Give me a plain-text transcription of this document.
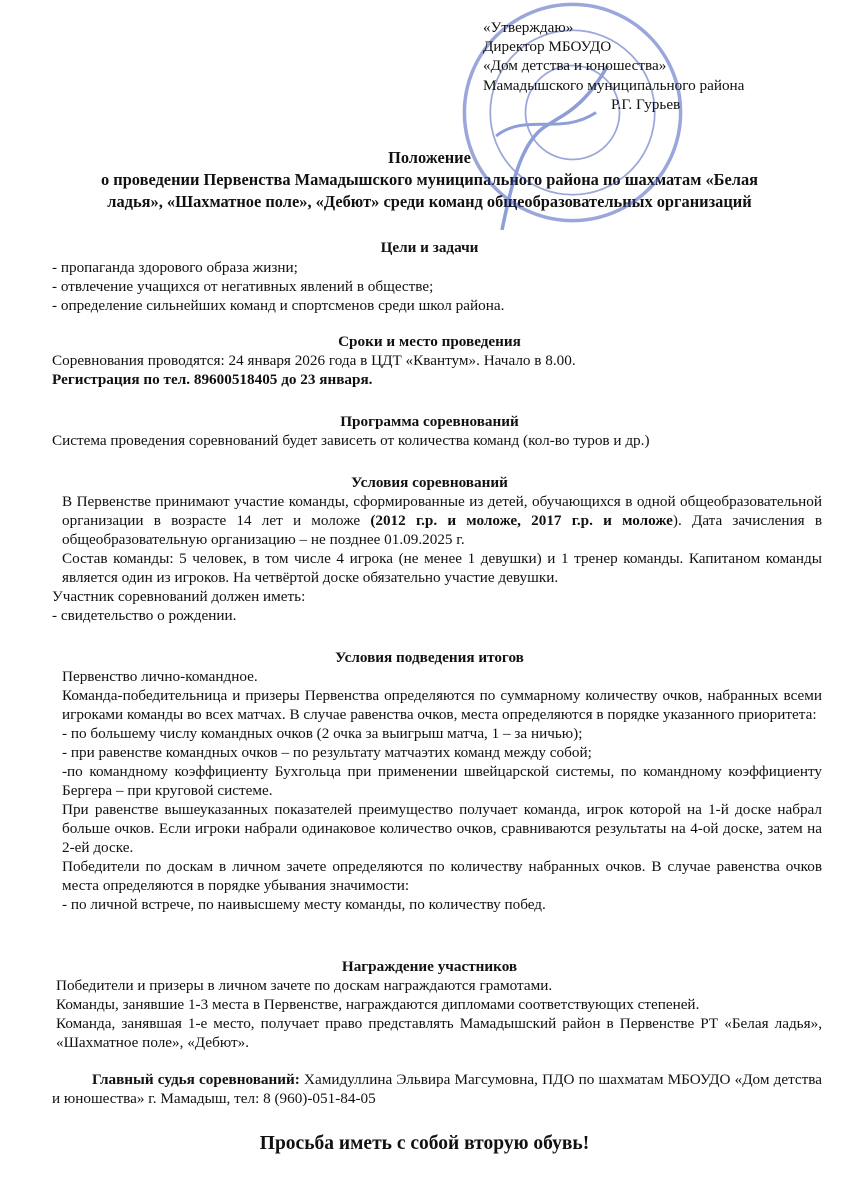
«Утверждаю»
Директор МБОУДО
«Дом детства и юношества»
Мамадышского муниципального района
Р.Г. Гурьев
Положение
о проведении Первенства Мамадышского муниципального района по шахматам «Белая
ладья», «Шахматное поле», «Дебют» среди команд общеобразовательных организаций
Цели и задачи
- пропаганда здорового образа жизни;
- отвлечение учащихся от негативных явлений в обществе;
- определение сильнейших команд и спортсменов среди школ района.
Сроки и место проведения
Соревнования проводятся: 24 января 2026 года в ЦДТ «Квантум». Начало в 8.00.
Регистрация по тел. 89600518405 до 23 января.
Программа соревнований
Система проведения соревнований будет зависеть от количества команд (кол-во туров и др.)
Условия соревнований
В Первенстве принимают участие команды, сформированные из детей, обучающихся в одной общеобразовательной организации в возрасте 14 лет и моложе (2012 г.р. и моложе, 2017 г.р. и моложе). Дата зачисления в общеобразовательную организацию – не позднее 01.09.2025 г.
Состав команды: 5 человек, в том числе 4 игрока (не менее 1 девушки) и 1 тренер команды. Капитаном команды является один из игроков. На четвёртой доске обязательно участие девушки.
Участник соревнований должен иметь:
- свидетельство о рождении.
Условия подведения итогов
Первенство лично-командное.
Команда-победительница и призеры Первенства определяются по суммарному количеству очков, набранных всеми игроками команды во всех матчах. В случае равенства очков, места определяются в порядке указанного приоритета:
- по большему числу командных очков (2 очка за выигрыш матча, 1 – за ничью);
- при равенстве командных очков – по результату матчаэтих команд между собой;
-по командному коэффициенту Бухгольца при применении швейцарской системы, по командному коэффициенту Бергера – при круговой системе.
При равенстве вышеуказанных показателей преимущество получает команда, игрок которой на 1-й доске набрал больше очков. Если игроки набрали одинаковое количество очков, сравниваются результаты на 4-ой доске, затем на 2-ей доске.
Победители по доскам в личном зачете определяются по количеству набранных очков. В случае равенства очков места определяются в порядке убывания значимости:
- по личной встрече, по наивысшему месту команды, по количеству побед.
Награждение участников
Победители и призеры в личном зачете по доскам награждаются грамотами.
Команды, занявшие 1-3 места в Первенстве, награждаются дипломами соответствующих степеней.
Команда, занявшая 1-е место, получает право представлять Мамадышский район в Первенстве РТ «Белая ладья», «Шахматное поле», «Дебют».
Главный судья соревнований: Хамидуллина Эльвира Магсумовна, ПДО по шахматам МБОУДО «Дом детства и юношества» г. Мамадыш, тел: 8 (960)-051-84-05
Просьба иметь с собой вторую обувь!
